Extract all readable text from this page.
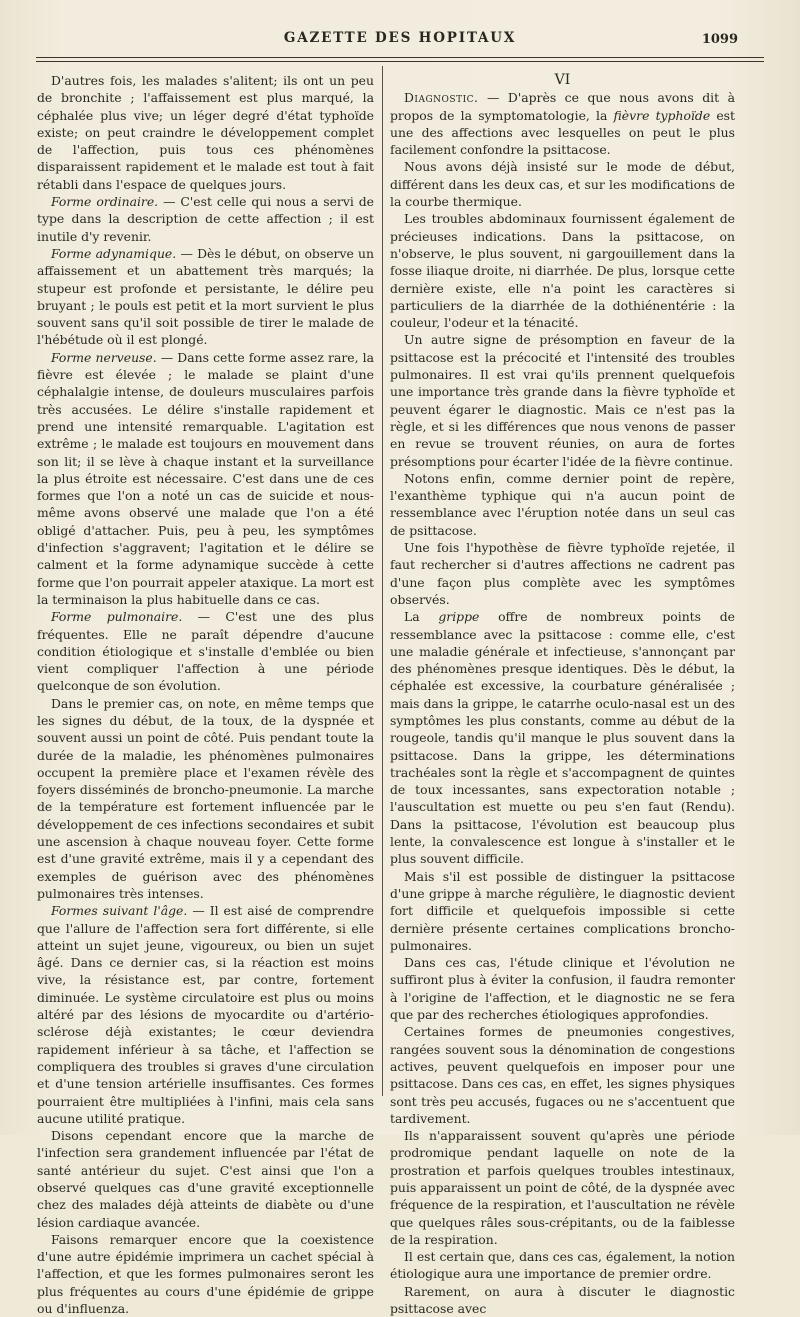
GAZETTE DES HOPITAUX	1099

D'autres fois, les malades s'alitent; ils ont un peu de bronchite ; l'affaissement est plus marqué, la céphalée plus vive; un léger degré d'état typhoïde existe; on peut craindre le développement complet de l'affection, puis tous ces phénomènes disparaissent rapidement et le malade est tout à fait rétabli dans l'espace de quelques jours.

Forme ordinaire. — C'est celle qui nous a servi de type dans la description de cette affection ; il est inutile d'y revenir.

Forme adynamique. — Dès le début, on observe un affaissement et un abattement très marqués; la stupeur est profonde et persistante, le délire peu bruyant ; le pouls est petit et la mort survient le plus souvent sans qu'il soit possible de tirer le malade de l'hébétude où il est plongé.

Forme nerveuse. — Dans cette forme assez rare, la fièvre est élevée ; le malade se plaint d'une céphalalgie intense, de douleurs musculaires parfois très accusées. Le délire s'installe rapidement et prend une intensité remarquable. L'agitation est extrême ; le malade est toujours en mouvement dans son lit; il se lève à chaque instant et la surveillance la plus étroite est nécessaire. C'est dans une de ces formes que l'on a noté un cas de suicide et nous-même avons observé une malade que l'on a été obligé d'attacher. Puis, peu à peu, les symptômes d'infection s'aggravent; l'agitation et le délire se calment et la forme adynamique succède à cette forme que l'on pourrait appeler ataxique. La mort est la terminaison la plus habituelle dans ce cas.

Forme pulmonaire. — C'est une des plus fréquentes. Elle ne paraît dépendre d'aucune condition étiologique et s'installe d'emblée ou bien vient compliquer l'affection à une période quelconque de son évolution.

Dans le premier cas, on note, en même temps que les signes du début, de la toux, de la dyspnée et souvent aussi un point de côté. Puis pendant toute la durée de la maladie, les phénomènes pulmonaires occupent la première place et l'examen révèle des foyers disséminés de broncho-pneumonie. La marche de la température est fortement influencée par le développement de ces infections secondaires et subit une ascension à chaque nouveau foyer. Cette forme est d'une gravité extrême, mais il y a cependant des exemples de guérison avec des phénomènes pulmonaires très intenses.

Formes suivant l'âge. — Il est aisé de comprendre que l'allure de l'affection sera fort différente, si elle atteint un sujet jeune, vigoureux, ou bien un sujet âgé. Dans ce dernier cas, si la réaction est moins vive, la résistance est, par contre, fortement diminuée. Le système circulatoire est plus ou moins altéré par des lésions de myocardite ou d'artério-sclérose déjà existantes; le cœur deviendra rapidement inférieur à sa tâche, et l'affection se compliquera des troubles si graves d'une circulation et d'une tension artérielle insuffisantes. Ces formes pourraient être multipliées à l'infini, mais cela sans aucune utilité pratique.

Disons cependant encore que la marche de l'infection sera grandement influencée par l'état de santé antérieur du sujet. C'est ainsi que l'on a observé quelques cas d'une gravité exceptionnelle chez des malades déjà atteints de diabète ou d'une lésion cardiaque avancée.

Faisons remarquer encore que la coexistence d'une autre épidémie imprimera un cachet spécial à l'affection, et que les formes pulmonaires seront les plus fréquentes au cours d'une épidémie de grippe ou d'influenza.

VI

Diagnostic. — D'après ce que nous avons dit à propos de la symptomatologie, la fièvre typhoïde est une des affections avec lesquelles on peut le plus facilement confondre la psittacose.

Nous avons déjà insisté sur le mode de début, différent dans les deux cas, et sur les modifications de la courbe thermique.

Les troubles abdominaux fournissent également de précieuses indications. Dans la psittacose, on n'observe, le plus souvent, ni gargouillement dans la fosse iliaque droite, ni diarrhée. De plus, lorsque cette dernière existe, elle n'a point les caractères si particuliers de la diarrhée de la dothiénentérie : la couleur, l'odeur et la ténacité.

Un autre signe de présomption en faveur de la psittacose est la précocité et l'intensité des troubles pulmonaires. Il est vrai qu'ils prennent quelquefois une importance très grande dans la fièvre typhoïde et peuvent égarer le diagnostic. Mais ce n'est pas la règle, et si les différences que nous venons de passer en revue se trouvent réunies, on aura de fortes présomptions pour écarter l'idée de la fièvre continue.

Notons enfin, comme dernier point de repère, l'exanthème typhique qui n'a aucun point de ressemblance avec l'éruption notée dans un seul cas de psittacose.

Une fois l'hypothèse de fièvre typhoïde rejetée, il faut rechercher si d'autres affections ne cadrent pas d'une façon plus complète avec les symptômes observés.

La grippe offre de nombreux points de ressemblance avec la psittacose : comme elle, c'est une maladie générale et infectieuse, s'annonçant par des phénomènes presque identiques. Dès le début, la céphalée est excessive, la courbature généralisée ; mais dans la grippe, le catarrhe oculo-nasal est un des symptômes les plus constants, comme au début de la rougeole, tandis qu'il manque le plus souvent dans la psittacose. Dans la grippe, les déterminations trachéales sont la règle et s'accompagnent de quintes de toux incessantes, sans expectoration notable ; l'auscultation est muette ou peu s'en faut (Rendu). Dans la psittacose, l'évolution est beaucoup plus lente, la convalescence est longue à s'installer et le plus souvent difficile.

Mais s'il est possible de distinguer la psittacose d'une grippe à marche régulière, le diagnostic devient fort difficile et quelquefois impossible si cette dernière présente certaines complications broncho-pulmonaires.

Dans ces cas, l'étude clinique et l'évolution ne suffiront plus à éviter la confusion, il faudra remonter à l'origine de l'affection, et le diagnostic ne se fera que par des recherches étiologiques approfondies.

Certaines formes de pneumonies congestives, rangées souvent sous la dénomination de congestions actives, peuvent quelquefois en imposer pour une psittacose. Dans ces cas, en effet, les signes physiques sont très peu accusés, fugaces ou ne s'accentuent que tardivement.

Ils n'apparaissent souvent qu'après une période prodromique pendant laquelle on note de la prostration et parfois quelques troubles intestinaux, puis apparaissent un point de côté, de la dyspnée avec fréquence de la respiration, et l'auscultation ne révèle que quelques râles sous-crépitants, ou de la faiblesse de la respiration.

Il est certain que, dans ces cas, également, la notion étiologique aura une importance de premier ordre.

Rarement, on aura à discuter le diagnostic psittacose avec
